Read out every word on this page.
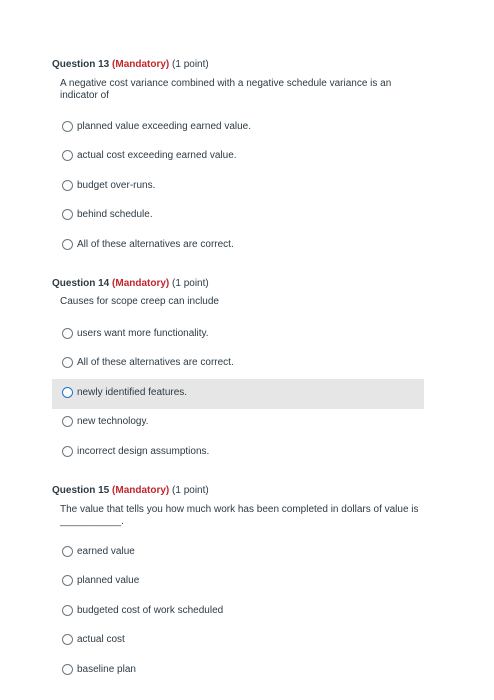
Question 13 (Mandatory) (1 point)
A negative cost variance combined with a negative schedule variance is an indicator of
planned value exceeding earned value.
actual cost exceeding earned value.
budget over-runs.
behind schedule.
All of these alternatives are correct.
Question 14 (Mandatory) (1 point)
Causes for scope creep can include
users want more functionality.
All of these alternatives are correct.
newly identified features.
new technology.
incorrect design assumptions.
Question 15 (Mandatory) (1 point)
The value that tells you how much work has been completed in dollars of value is ___________.
earned value
planned value
budgeted cost of work scheduled
actual cost
baseline plan
